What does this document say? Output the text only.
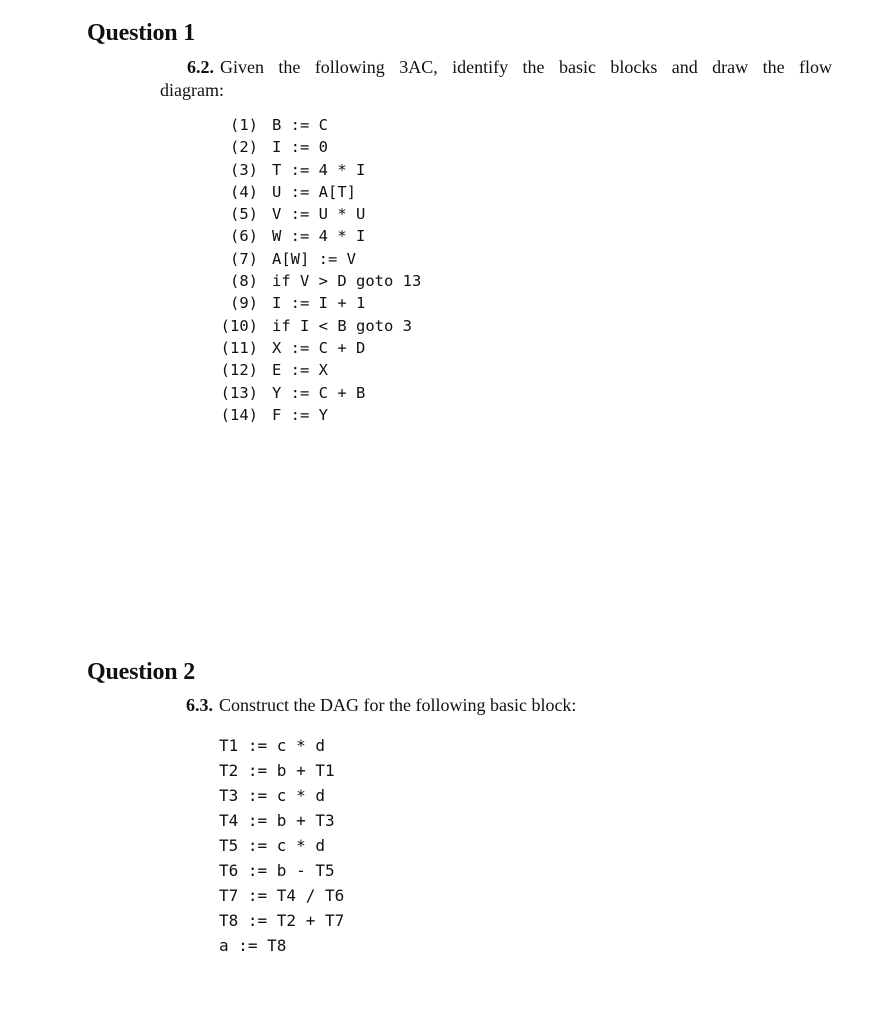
Question 1

6.2. Given the following 3AC, identify the basic blocks and draw the flow
diagram:

(1) B := C
(2) I := 0
(3) T := 4 * I
(4) U := A[T]
(5) V := U * U
(6) W := 4 * I
(7) A[W] := V
(8) if V > D goto 13
(9) I := I + 1
(10) if I < B goto 3
(11) X := C + D
(12) E := X
(13) Y := C + B
(14) F := Y
Question 2

6.3. Construct the DAG for the following basic block:

T1 := c * d
T2 := b + T1
T3 := c * d
T4 := b + T3
T5 := c * d
T6 := b - T5
T7 := T4 / T6
T8 := T2 + T7
a := T8
